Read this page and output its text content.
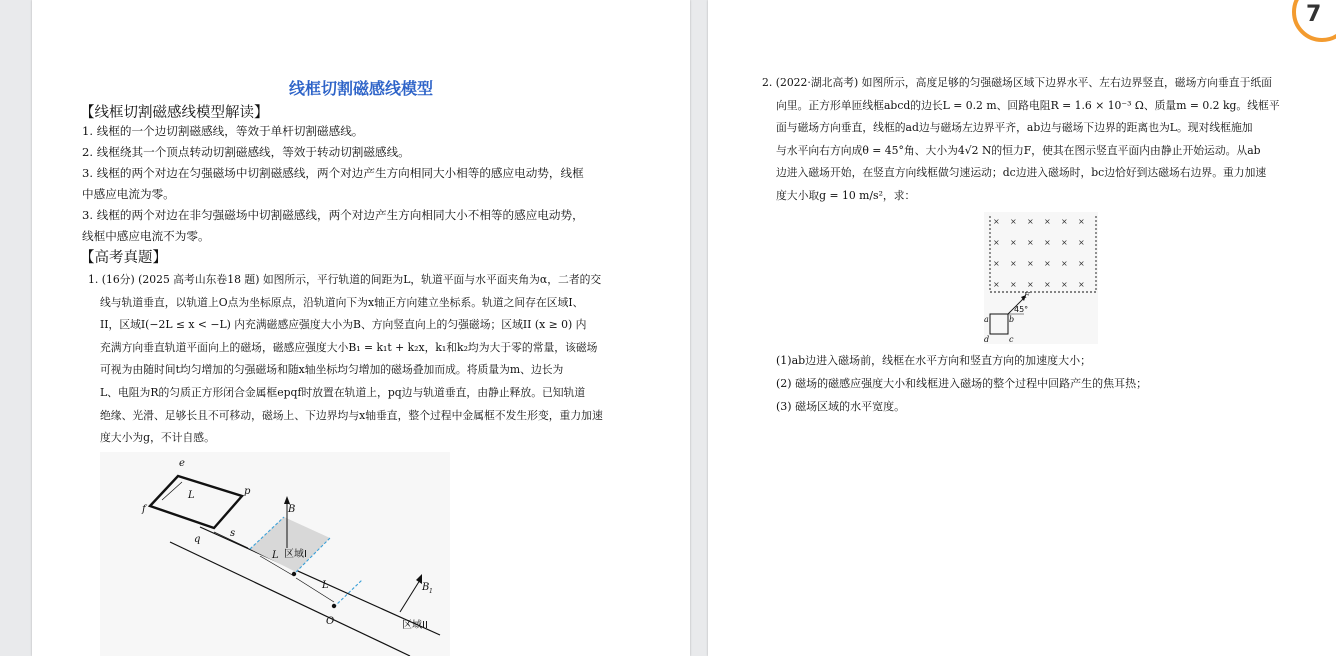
线框切割磁感线模型
【线框切割磁感线模型解读】
1. 线框的一个边切割磁感线，等效于单杆切割磁感线。
2. 线框绕其一个顶点转动切割磁感线，等效于转动切割磁感线。
3. 线框的两个对边在匀强磁场中切割磁感线，两个对边产生方向相同大小相等的感应电动势，线框
中感应电流为零。
3. 线框的两个对边在非匀强磁场中切割磁感线，两个对边产生方向相同大小不相等的感应电动势，
线框中感应电流不为零。
【高考真题】
1. (16分) (2025 高考山东卷18 题) 如图所示，平行轨道的间距为L，轨道平面与水平面夹角为α，二者的交
线与轨道垂直，以轨道上O点为坐标原点，沿轨道向下为x轴正方向建立坐标系。轨道之间存在区域I、
II，区域I(−2L ≤ x < −L) 内充满磁感应强度大小为B、方向竖直向上的匀强磁场；区域II (x ≥ 0) 内
充满方向垂直轨道平面向上的磁场，磁感应强度大小B₁ = k₁t + k₂x，k₁和k₂均为大于零的常量，该磁场
可视为由随时间t均匀增加的匀强磁场和随x轴坐标均匀增加的磁场叠加而成。将质量为m、边长为
L、电阻为R的匀质正方形闭合金属框epqf时放置在轨道上，pq边与轨道垂直，由静止释放。已知轨道
绝缘、光滑、足够长且不可移动，磁场上、下边界均与x轴垂直，整个过程中金属框不发生形变，重力加速
度大小为g，不计自感。
e
p
f
q
L
s
L
L
B
B 1
O
区域I
区域II
7
2. (2022·湖北高考) 如图所示，高度足够的匀强磁场区域下边界水平、左右边界竖直，磁场方向垂直于纸面
向里。正方形单匝线框abcd的边长L = 0.2 m、回路电阻R = 1.6 × 10⁻³ Ω、质量m = 0.2 kg。线框平
面与磁场方向垂直，线框的ad边与磁场左边界平齐，ab边与磁场下边界的距离也为L。现对线框施加
与水平向右方向成θ = 45°角、大小为4√2 N的恒力F，使其在图示竖直平面内由静止开始运动。从ab
边进入磁场开始，在竖直方向线框做匀速运动；dc边进入磁场时，bc边恰好到达磁场右边界。重力加速
度大小取g = 10 m/s²，求：
× × × × × ×
× × × × × ×
× × × × × ×
× × × × × ×
F
a	b
c
d
45°
(1)ab边进入磁场前，线框在水平方向和竖直方向的加速度大小；
(2) 磁场的磁感应强度大小和线框进入磁场的整个过程中回路产生的焦耳热；
(3) 磁场区域的水平宽度。
